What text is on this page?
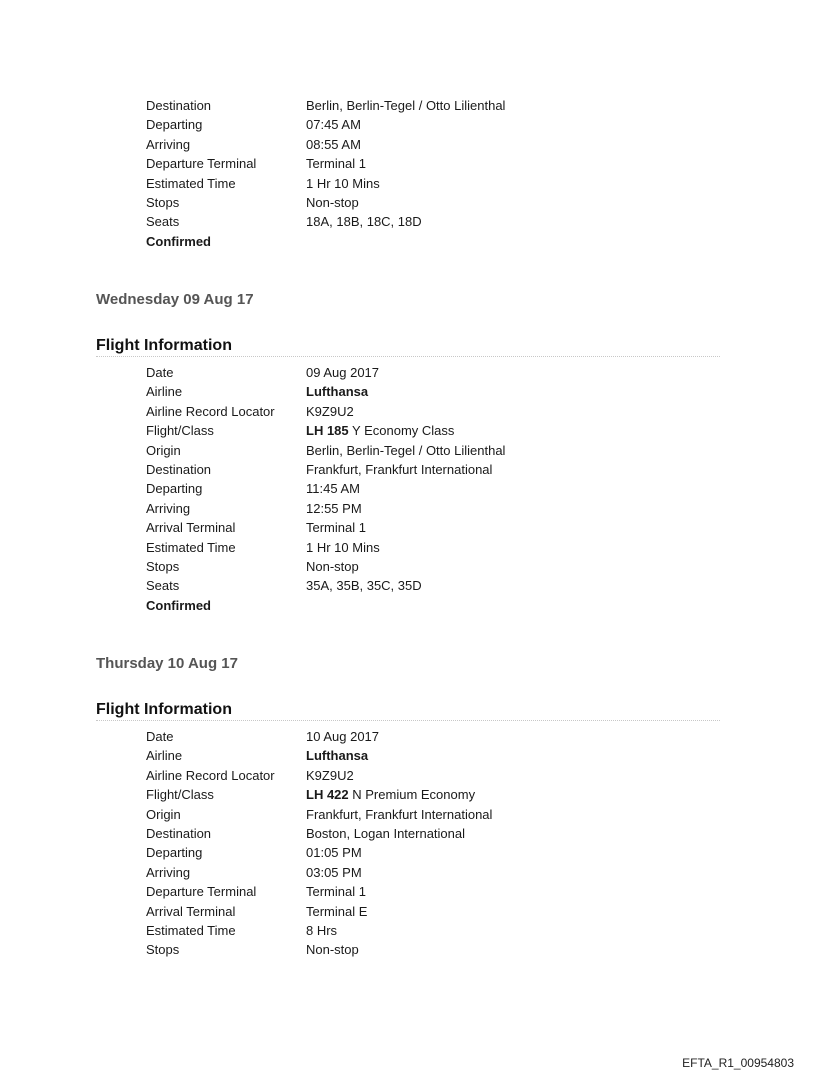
Destination	Berlin, Berlin-Tegel / Otto Lilienthal
Departing	07:45 AM
Arriving	08:55 AM
Departure Terminal	Terminal 1
Estimated Time	1 Hr 10 Mins
Stops	Non-stop
Seats	18A, 18B, 18C, 18D
Confirmed
Wednesday 09 Aug 17
Flight Information
Date	09 Aug 2017
Airline	Lufthansa
Airline Record Locator K9Z9U2
Flight/Class	LH 185 Y Economy Class
Origin	Berlin, Berlin-Tegel / Otto Lilienthal
Destination	Frankfurt, Frankfurt International
Departing	11:45 AM
Arriving	12:55 PM
Arrival Terminal	Terminal 1
Estimated Time	1 Hr 10 Mins
Stops	Non-stop
Seats	35A, 35B, 35C, 35D
Confirmed
Thursday 10 Aug 17
Flight Information
Date	10 Aug 2017
Airline	Lufthansa
Airline Record Locator K9Z9U2
Flight/Class	LH 422 N Premium Economy
Origin	Frankfurt, Frankfurt International
Destination	Boston, Logan International
Departing	01:05 PM
Arriving	03:05 PM
Departure Terminal	Terminal 1
Arrival Terminal	Terminal E
Estimated Time	8 Hrs
Stops	Non-stop
EFTA_R1_00954803
